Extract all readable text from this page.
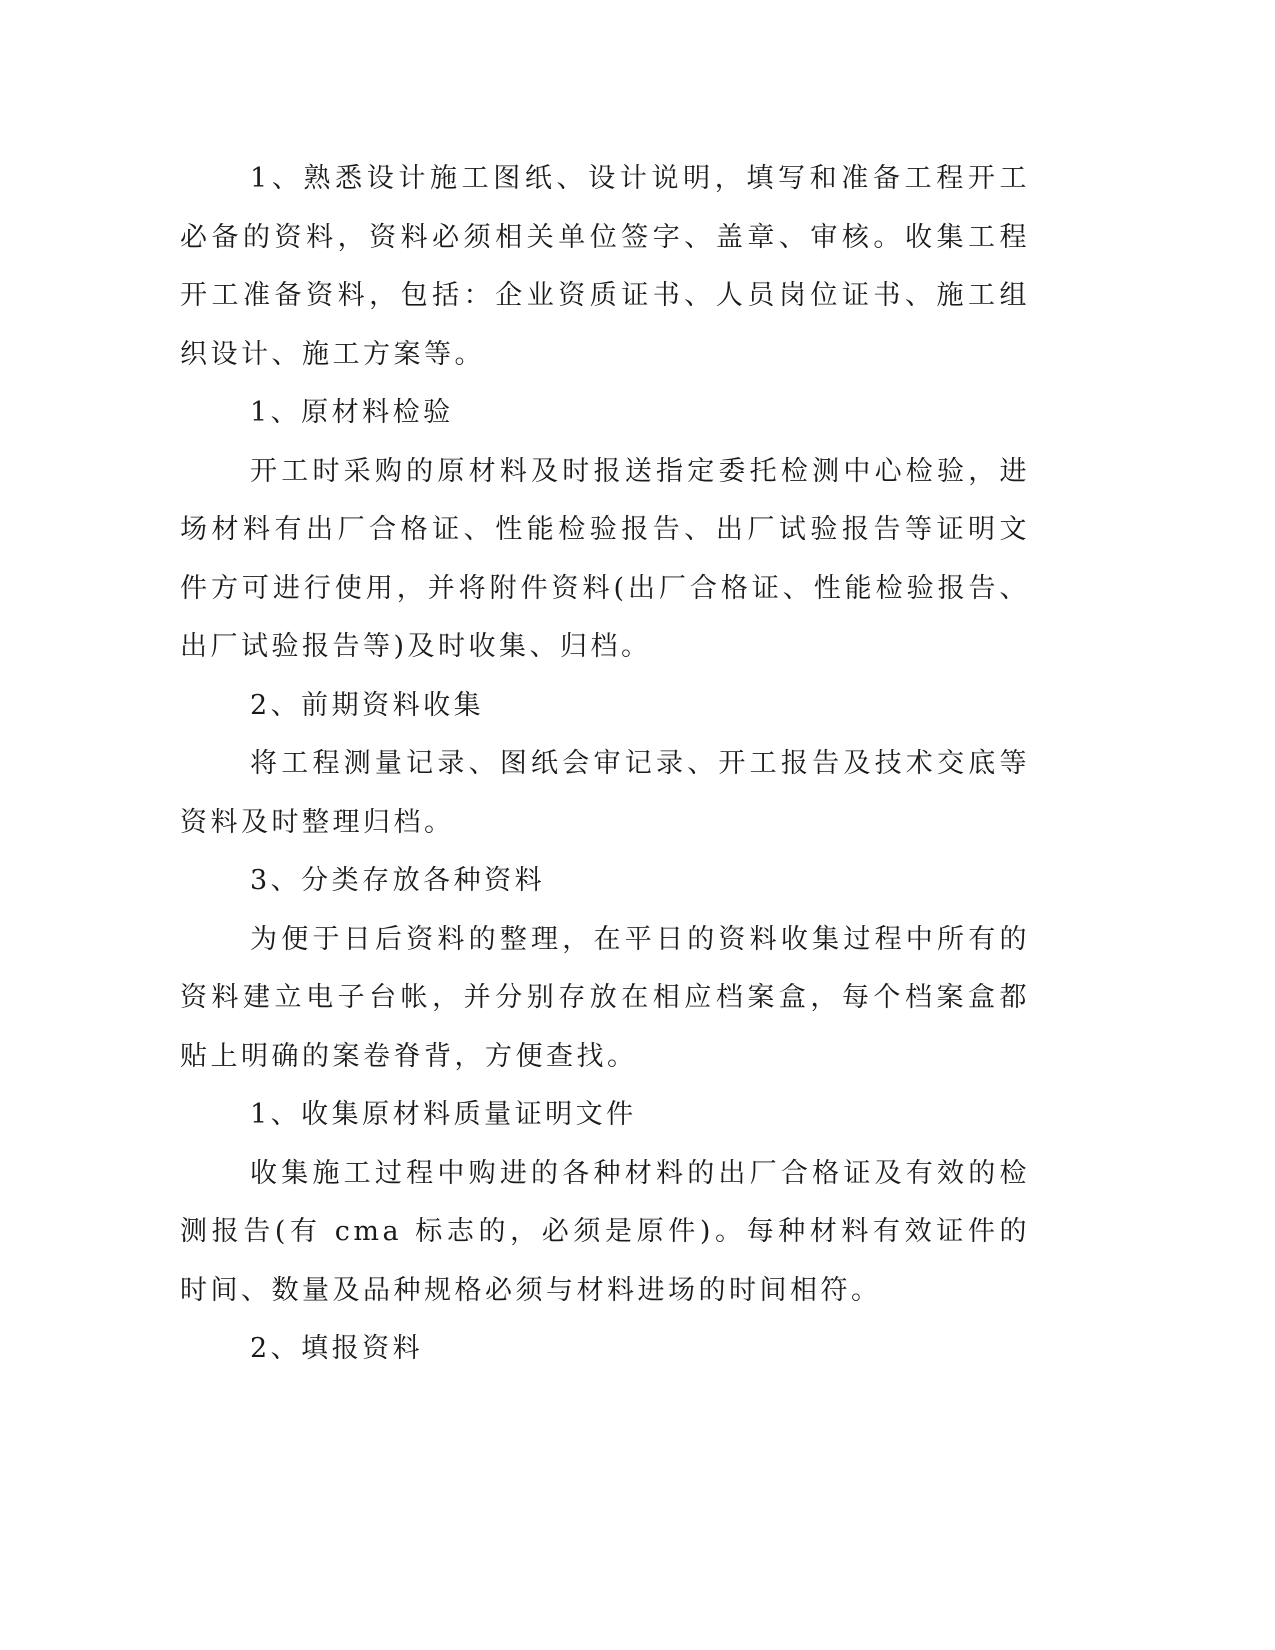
1、熟悉设计施工图纸、设计说明，填写和准备工程开工必备的资料，资料必须相关单位签字、盖章、审核。收集工程开工准备资料，包括：企业资质证书、人员岗位证书、施工组织设计、施工方案等。

1、原材料检验

开工时采购的原材料及时报送指定委托检测中心检验，进场材料有出厂合格证、性能检验报告、出厂试验报告等证明文件方可进行使用，并将附件资料(出厂合格证、性能检验报告、出厂试验报告等)及时收集、归档。

2、前期资料收集

将工程测量记录、图纸会审记录、开工报告及技术交底等资料及时整理归档。

3、分类存放各种资料

为便于日后资料的整理，在平日的资料收集过程中所有的资料建立电子台帐，并分别存放在相应档案盒，每个档案盒都贴上明确的案卷脊背，方便查找。

1、收集原材料质量证明文件

收集施工过程中购进的各种材料的出厂合格证及有效的检测报告(有 cma 标志的，必须是原件)。每种材料有效证件的时间、数量及品种规格必须与材料进场的时间相符。

2、填报资料
